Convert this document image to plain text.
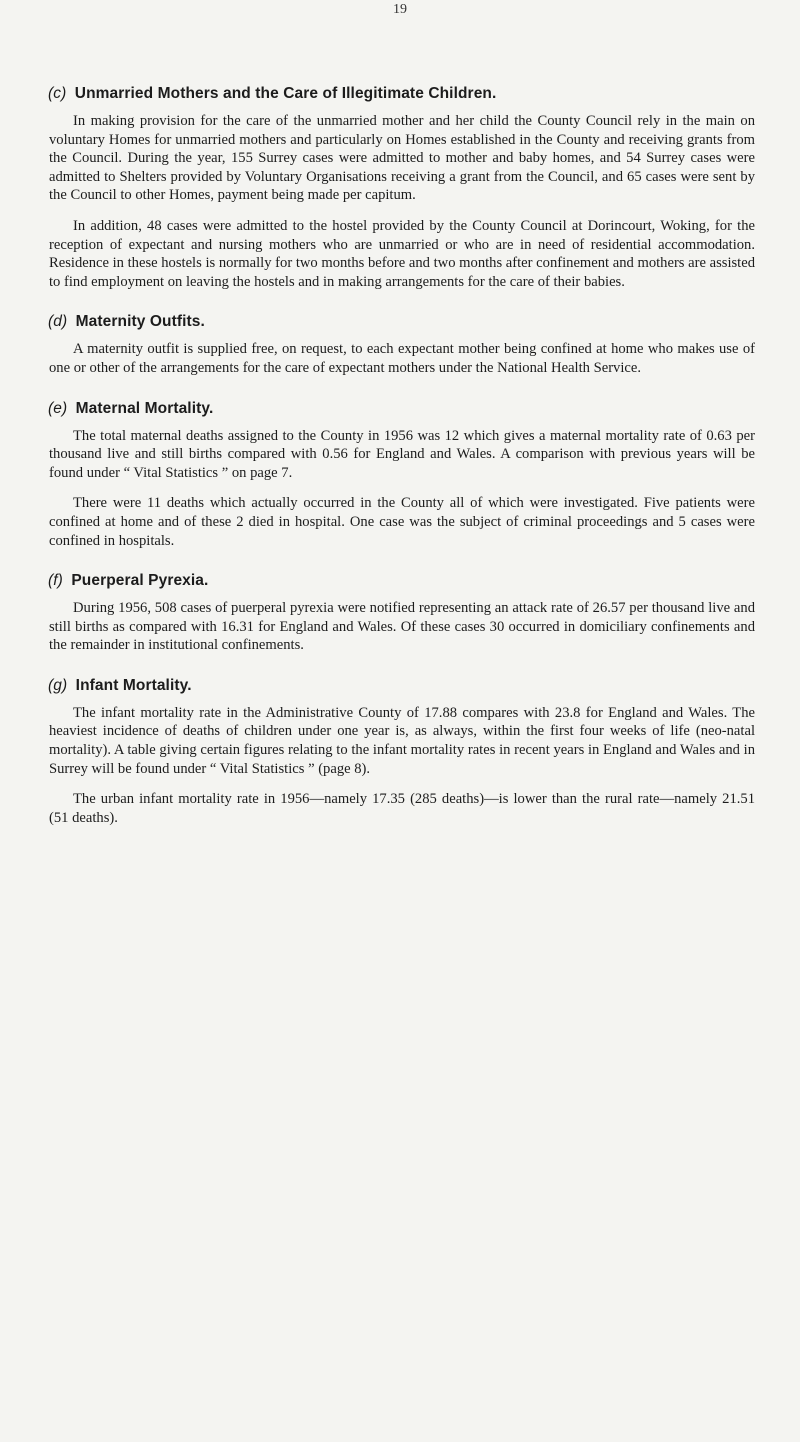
19
(c) Unmarried Mothers and the Care of Illegitimate Children.

In making provision for the care of the unmarried mother and her child the County Council rely in the main on voluntary Homes for unmarried mothers and particularly on Homes established in the County and receiving grants from the Council. During the year, 155 Surrey cases were admitted to mother and baby homes, and 54 Surrey cases were admitted to Shelters provided by Voluntary Organisations receiving a grant from the Council, and 65 cases were sent by the Council to other Homes, payment being made per capitum.

In addition, 48 cases were admitted to the hostel provided by the County Council at Dorincourt, Woking, for the reception of expectant and nursing mothers who are unmarried or who are in need of residential accommodation. Residence in these hostels is normally for two months before and two months after confinement and mothers are assisted to find employment on leaving the hostels and in making arrangements for the care of their babies.

(d) Maternity Outfits.

A maternity outfit is supplied free, on request, to each expectant mother being confined at home who makes use of one or other of the arrangements for the care of expectant mothers under the National Health Service.

(e) Maternal Mortality.

The total maternal deaths assigned to the County in 1956 was 12 which gives a maternal mortality rate of 0.63 per thousand live and still births compared with 0.56 for England and Wales. A comparison with previous years will be found under “ Vital Statistics ” on page 7.

There were 11 deaths which actually occurred in the County all of which were investigated. Five patients were confined at home and of these 2 died in hospital. One case was the subject of criminal proceedings and 5 cases were confined in hospitals.

(f) Puerperal Pyrexia.

During 1956, 508 cases of puerperal pyrexia were notified representing an attack rate of 26.57 per thousand live and still births as compared with 16.31 for England and Wales. Of these cases 30 occurred in domiciliary confinements and the remainder in institutional confinements.

(g) Infant Mortality.

The infant mortality rate in the Administrative County of 17.88 compares with 23.8 for England and Wales. The heaviest incidence of deaths of children under one year is, as always, within the first four weeks of life (neo-natal mortality). A table giving certain figures relating to the infant mortality rates in recent years in England and Wales and in Surrey will be found under “ Vital Statistics ” (page 8).

The urban infant mortality rate in 1956—namely 17.35 (285 deaths)—is lower than the rural rate—namely 21.51 (51 deaths).
